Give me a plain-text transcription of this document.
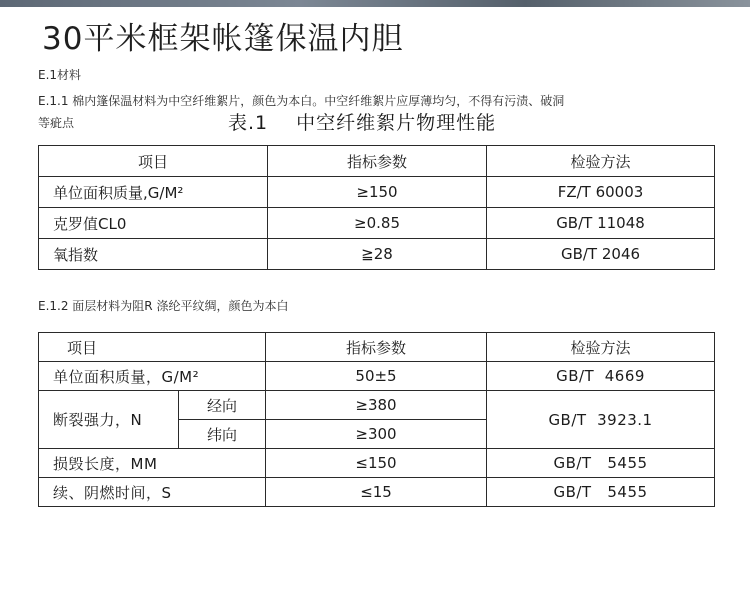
30平米框架帐篷保温内胆
E.1材料
E.1.1 棉内篷保温材料为中空纤维絮片，颜色为本白。中空纤维絮片应厚薄均匀，不得有污渍、破洞
等疵点	表.1 中空纤维絮片物理性能
项目	指标参数	检验方法
单位面积质量,G/M²	≥150	FZ/T 60003
克罗值CL0	≥0.85	GB/T 11048
氧指数	≧28	GB/T 2046
E.1.2 面层材料为阻R 涤纶平纹绸，颜色为本白
项目		指标参数	检验方法
单位面积质量，G/M²		50±5	GB/T  4669
断裂强力，N	经向	≥380	GB/T  3923.1
	纬向	≥300	
损毁长度，MM		≤150	GB/T   5455
续、阴燃时间，S		≤15	GB/T   5455
